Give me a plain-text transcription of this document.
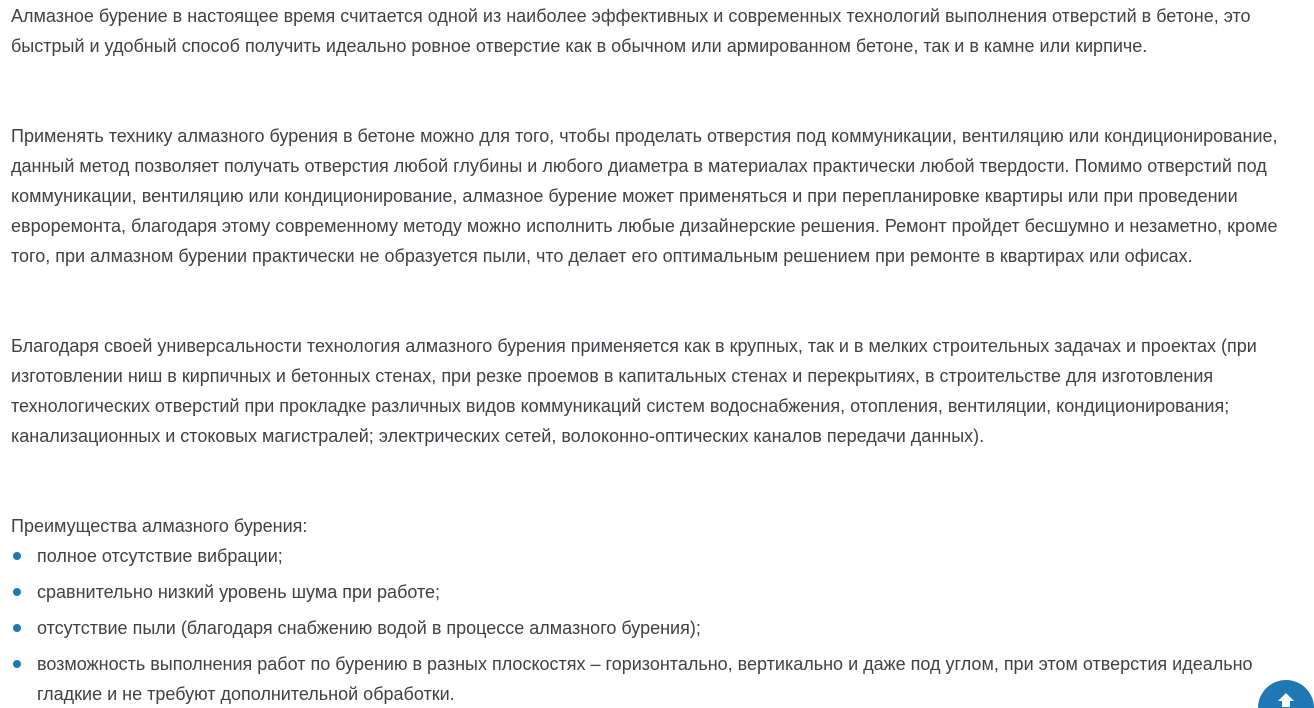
Алмазное бурение в настоящее время считается одной из наиболее эффективных и современных технологий выполнения отверстий в бетоне, это быстрый и удобный способ получить идеально ровное отверстие как в обычном или армированном бетоне, так и в камне или кирпиче.

Применять технику алмазного бурения в бетоне можно для того, чтобы проделать отверстия под коммуникации, вентиляцию или кондиционирование, данный метод позволяет получать отверстия любой глубины и любого диаметра в материалах практически любой твердости. Помимо отверстий под коммуникации, вентиляцию или кондиционирование, алмазное бурение может применяться и при перепланировке квартиры или при проведении евроремонта, благодаря этому современному методу можно исполнить любые дизайнерские решения. Ремонт пройдет бесшумно и незаметно, кроме того, при алмазном бурении практически не образуется пыли, что делает его оптимальным решением при ремонте в квартирах или офисах.

Благодаря своей универсальности технология алмазного бурения применяется как в крупных, так и в мелких строительных задачах и проектах (при изготовлении ниш в кирпичных и бетонных стенах, при резке проемов в капитальных стенах и перекрытиях, в строительстве для изготовления технологических отверстий при прокладке различных видов коммуникаций систем водоснабжения, отопления, вентиляции, кондиционирования; канализационных и стоковых магистралей; электрических сетей, волоконно-оптических каналов передачи данных).

Преимущества алмазного бурения:

полное отсутствие вибрации;
сравнительно низкий уровень шума при работе;
отсутствие пыли (благодаря снабжению водой в процессе алмазного бурения);
возможность выполнения работ по бурению в разных плоскостях – горизонтально, вертикально и даже под углом, при этом отверстия идеально гладкие и не требуют дополнительной обработки.
